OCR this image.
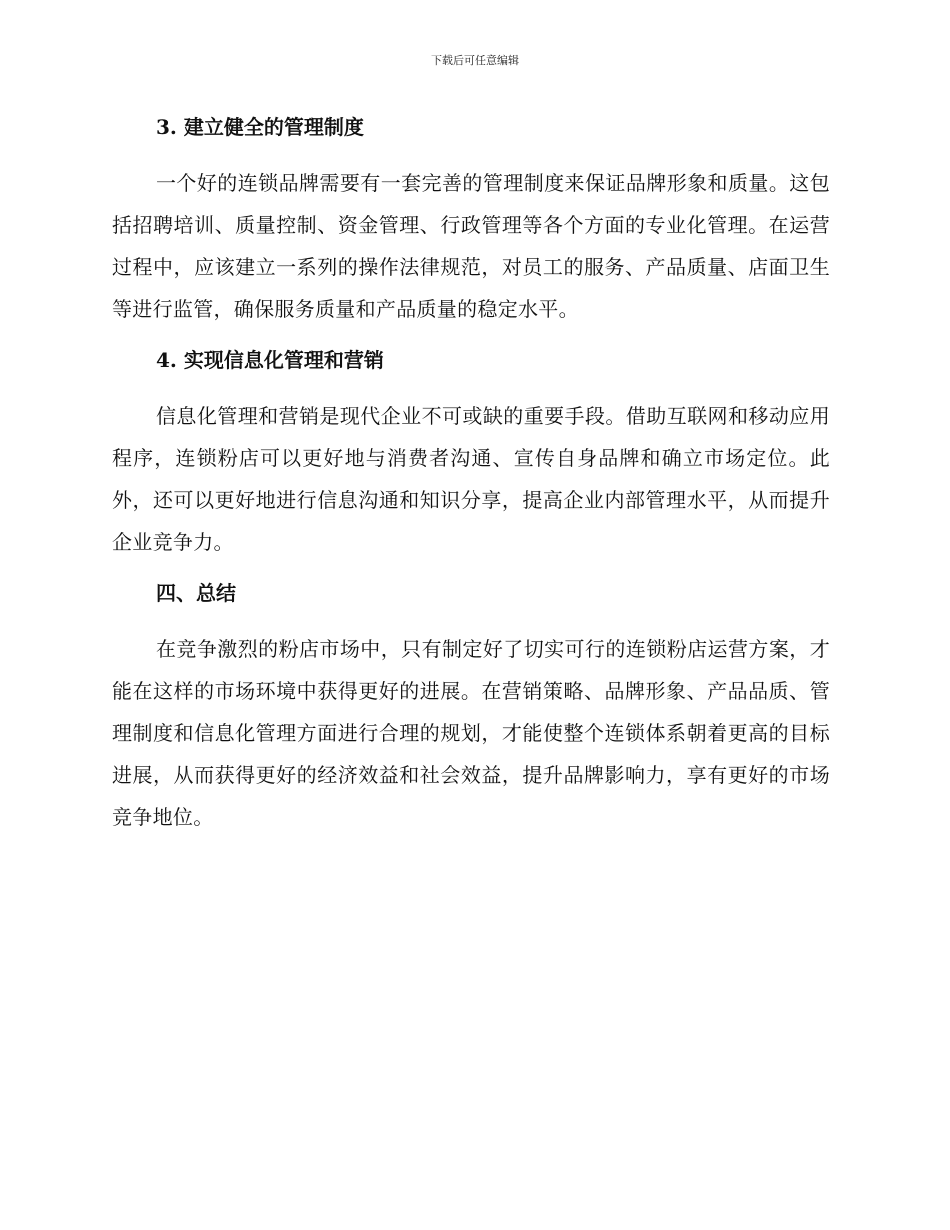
下载后可任意编辑
3. 建立健全的管理制度

一个好的连锁品牌需要有一套完善的管理制度来保证品牌形象和质量。这包括招聘培训、质量控制、资金管理、行政管理等各个方面的专业化管理。在运营过程中，应该建立一系列的操作法律规范，对员工的服务、产品质量、店面卫生等进行监管，确保服务质量和产品质量的稳定水平。

4. 实现信息化管理和营销

信息化管理和营销是现代企业不可或缺的重要手段。借助互联网和移动应用程序，连锁粉店可以更好地与消费者沟通、宣传自身品牌和确立市场定位。此外，还可以更好地进行信息沟通和知识分享，提高企业内部管理水平，从而提升企业竞争力。

四、总结

在竞争激烈的粉店市场中，只有制定好了切实可行的连锁粉店运营方案，才能在这样的市场环境中获得更好的进展。在营销策略、品牌形象、产品品质、管理制度和信息化管理方面进行合理的规划，才能使整个连锁体系朝着更高的目标进展，从而获得更好的经济效益和社会效益，提升品牌影响力，享有更好的市场竞争地位。
